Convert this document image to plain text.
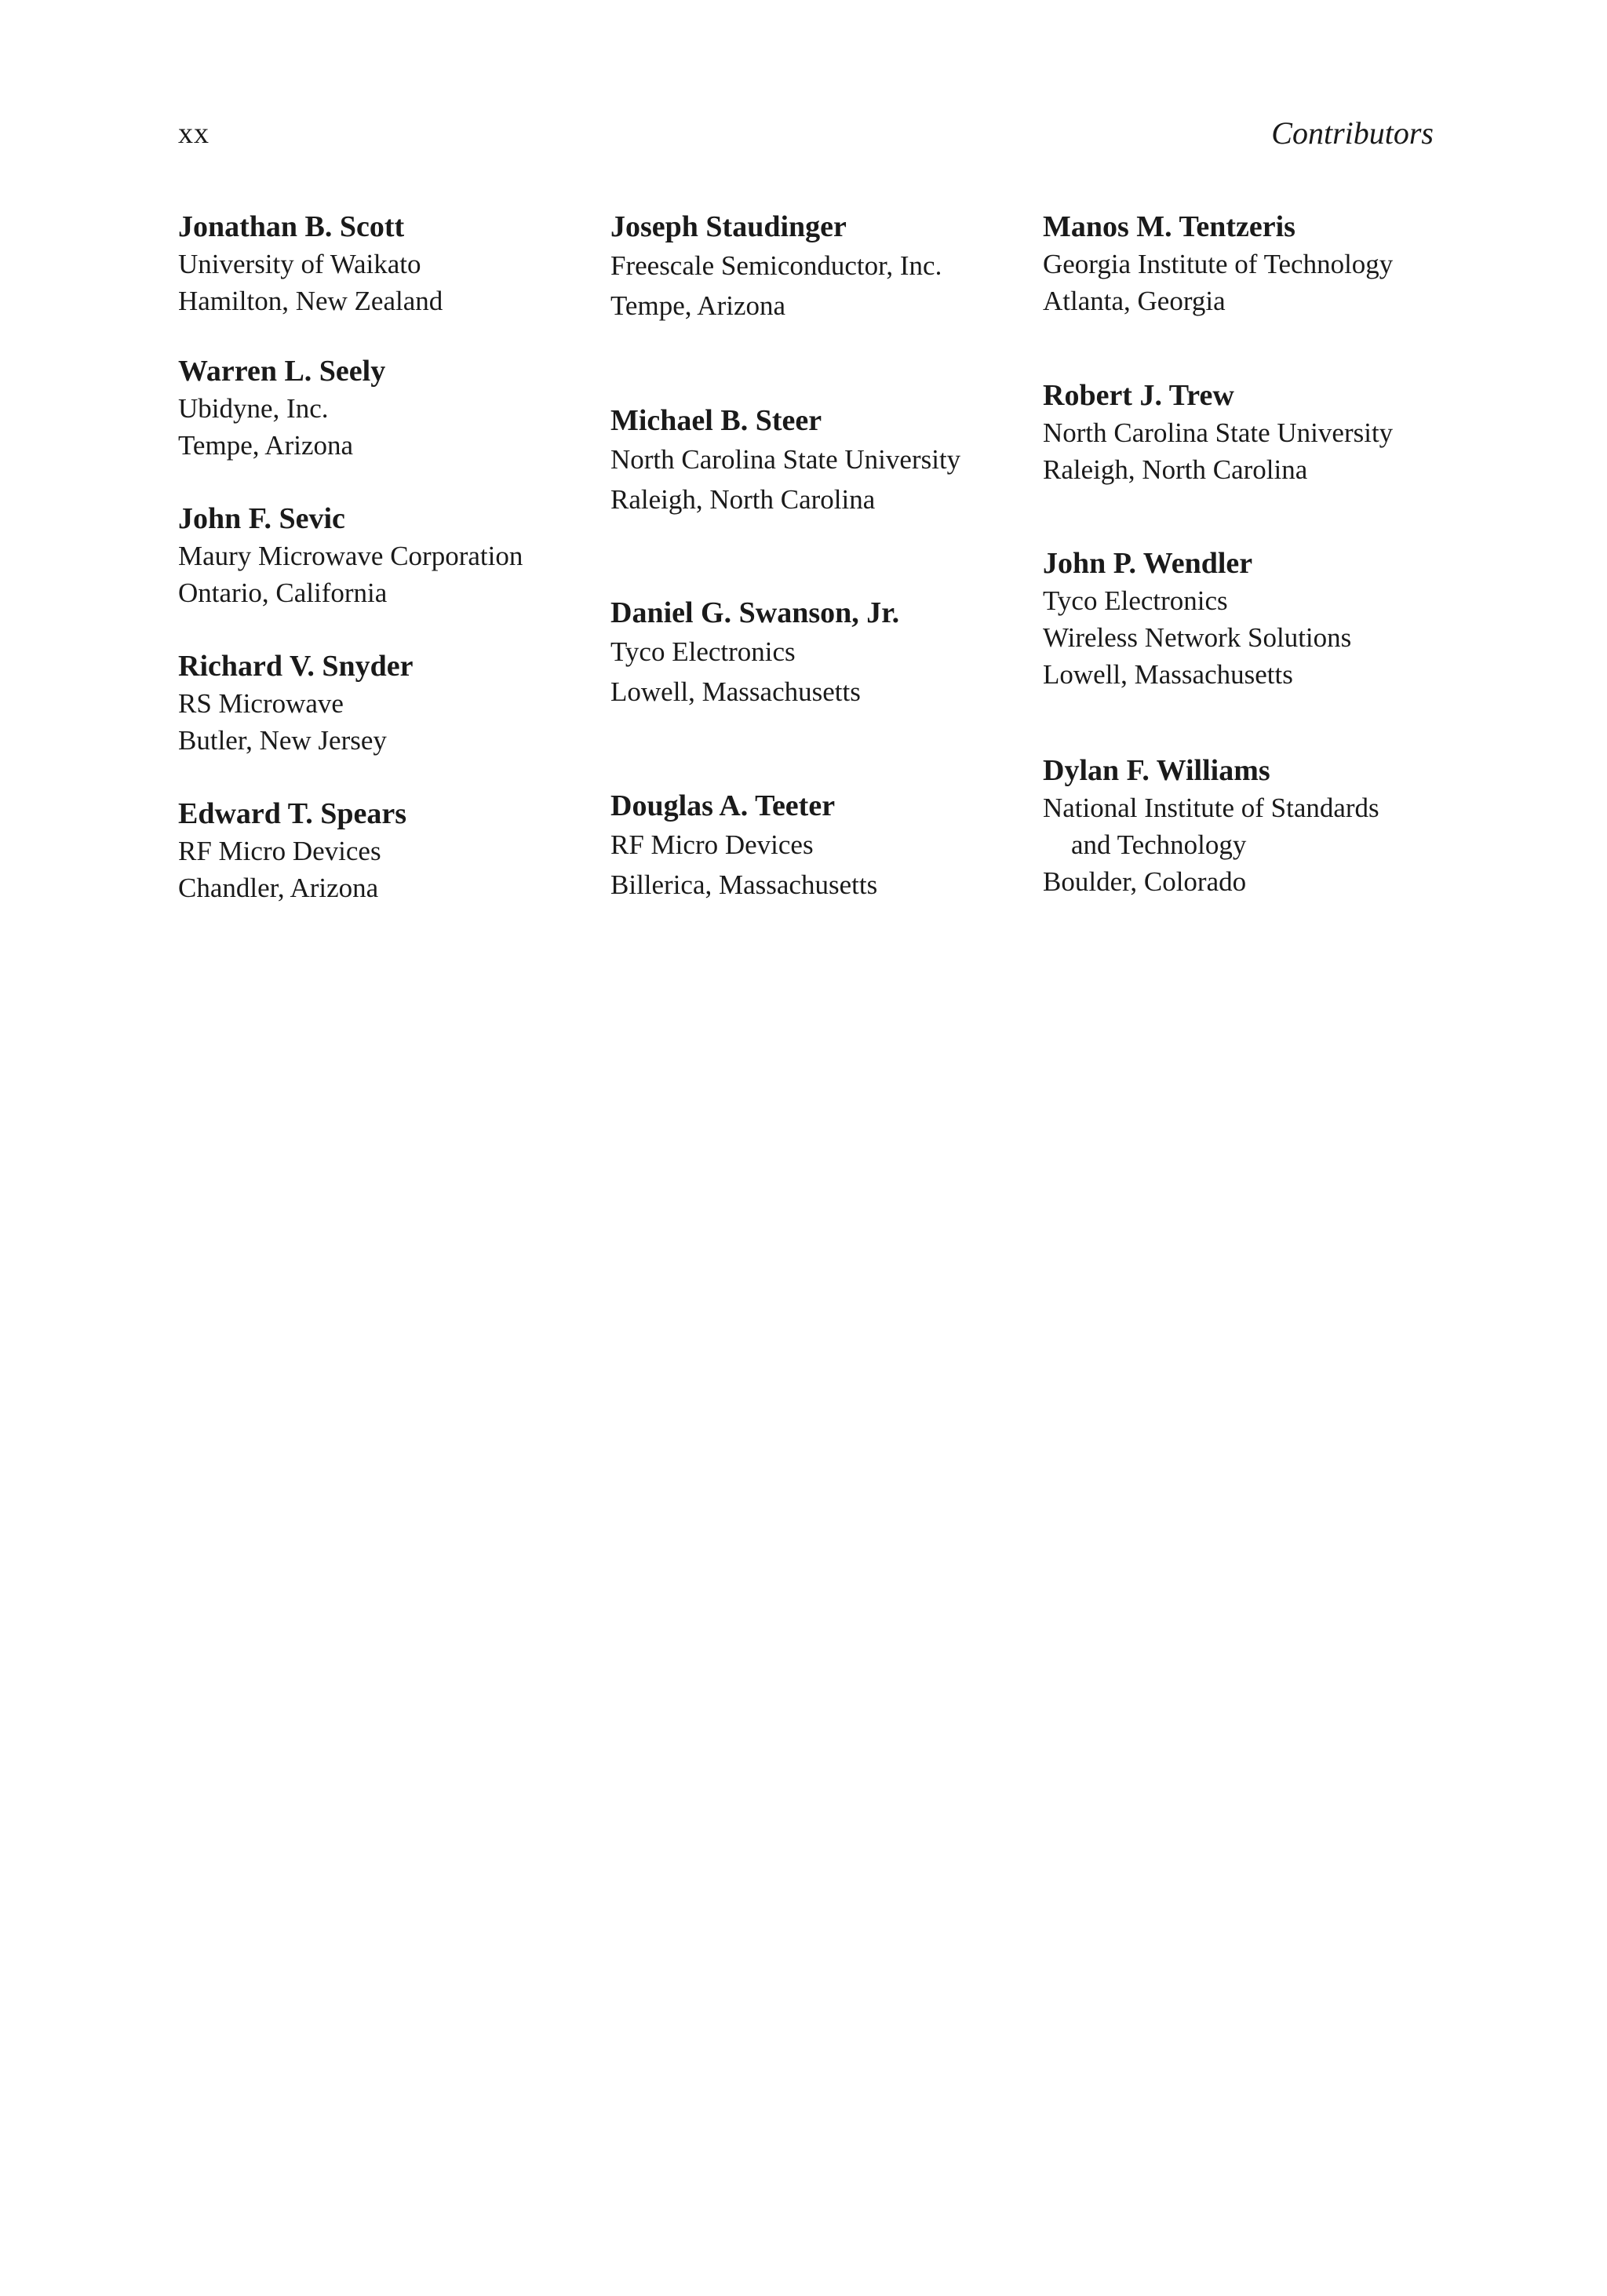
xx	Contributors
Jonathan B. Scott
University of Waikato
Hamilton, New Zealand
Warren L. Seely
Ubidyne, Inc.
Tempe, Arizona
John F. Sevic
Maury Microwave Corporation
Ontario, California
Richard V. Snyder
RS Microwave
Butler, New Jersey
Edward T. Spears
RF Micro Devices
Chandler, Arizona
Joseph Staudinger
Freescale Semiconductor, Inc.
Tempe, Arizona
Michael B. Steer
North Carolina State University
Raleigh, North Carolina
Daniel G. Swanson, Jr.
Tyco Electronics
Lowell, Massachusetts
Douglas A. Teeter
RF Micro Devices
Billerica, Massachusetts
Manos M. Tentzeris
Georgia Institute of Technology
Atlanta, Georgia
Robert J. Trew
North Carolina State University
Raleigh, North Carolina
John P. Wendler
Tyco Electronics
Wireless Network Solutions
Lowell, Massachusetts
Dylan F. Williams
National Institute of Standards
and Technology
Boulder, Colorado
